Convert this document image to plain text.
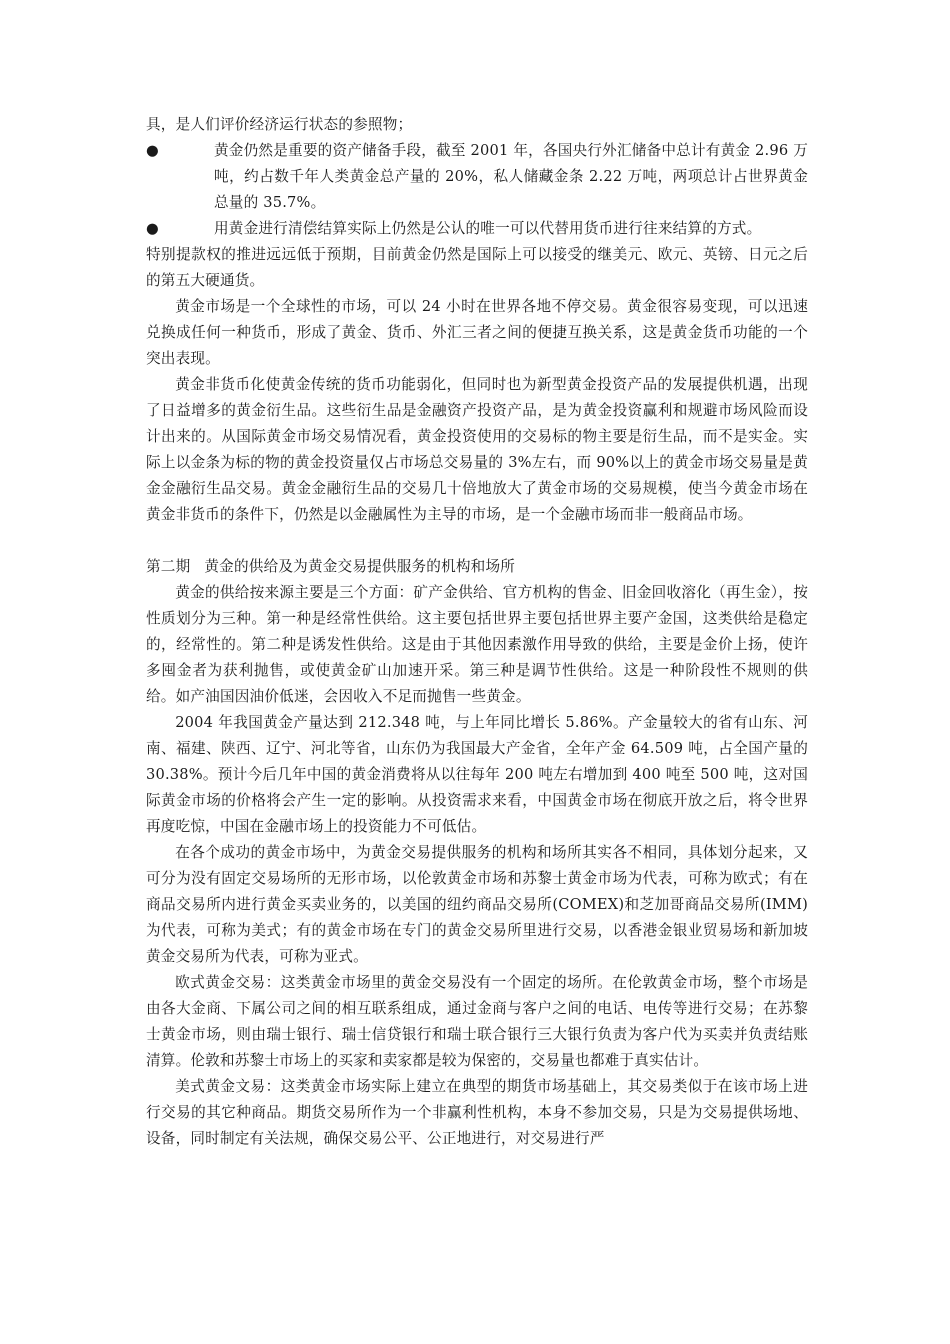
具，是人们评价经济运行状态的参照物；

●	黄金仍然是重要的资产储备手段，截至 2001 年，各国央行外汇储备中总计有黄金 2.96 万吨，约占数千年人类黄金总产量的 20%，私人储藏金条 2.22 万吨，两项总计占世界黄金总量的 35.7%。
●	用黄金进行清偿结算实际上仍然是公认的唯一可以代替用货币进行往来结算的方式。

特别提款权的推进远远低于预期，目前黄金仍然是国际上可以接受的继美元、欧元、英镑、日元之后的第五大硬通货。

黄金市场是一个全球性的市场，可以 24 小时在世界各地不停交易。黄金很容易变现，可以迅速兑换成任何一种货币，形成了黄金、货币、外汇三者之间的便捷互换关系，这是黄金货币功能的一个突出表现。

黄金非货币化使黄金传统的货币功能弱化，但同时也为新型黄金投资产品的发展提供机遇，出现了日益增多的黄金衍生品。这些衍生品是金融资产投资产品，是为黄金投资赢利和规避市场风险而设计出来的。从国际黄金市场交易情况看，黄金投资使用的交易标的物主要是衍生品，而不是实金。实际上以金条为标的物的黄金投资量仅占市场总交易量的 3%左右，而 90%以上的黄金市场交易量是黄金金融衍生品交易。黄金金融衍生品的交易几十倍地放大了黄金市场的交易规模，使当今黄金市场在黄金非货币的条件下，仍然是以金融属性为主导的市场，是一个金融市场而非一般商品市场。

第二期 黄金的供给及为黄金交易提供服务的机构和场所

黄金的供给按来源主要是三个方面：矿产金供给、官方机构的售金、旧金回收溶化（再生金），按性质划分为三种。第一种是经常性供给。这主要包括世界主要包括世界主要产金国，这类供给是稳定的，经常性的。第二种是诱发性供给。这是由于其他因素激作用导致的供给，主要是金价上扬，使许多囤金者为获利抛售，或使黄金矿山加速开采。第三种是调节性供给。这是一种阶段性不规则的供给。如产油国因油价低迷，会因收入不足而抛售一些黄金。

2004 年我国黄金产量达到 212.348 吨，与上年同比增长 5.86%。产金量较大的省有山东、河南、福建、陕西、辽宁、河北等省，山东仍为我国最大产金省，全年产金 64.509 吨，占全国产量的 30.38%。预计今后几年中国的黄金消费将从以往每年 200 吨左右增加到 400 吨至 500 吨，这对国际黄金市场的价格将会产生一定的影响。从投资需求来看，中国黄金市场在彻底开放之后，将令世界再度吃惊，中国在金融市场上的投资能力不可低估。

在各个成功的黄金市场中，为黄金交易提供服务的机构和场所其实各不相同，具体划分起来，又可分为没有固定交易场所的无形市场，以伦敦黄金市场和苏黎士黄金市场为代表，可称为欧式；有在商品交易所内进行黄金买卖业务的，以美国的纽约商品交易所(COMEX)和芝加哥商品交易所(IMM)为代表，可称为美式；有的黄金市场在专门的黄金交易所里进行交易，以香港金银业贸易场和新加坡黄金交易所为代表，可称为亚式。

欧式黄金交易：这类黄金市场里的黄金交易没有一个固定的场所。在伦敦黄金市场，整个市场是由各大金商、下属公司之间的相互联系组成，通过金商与客户之间的电话、电传等进行交易；在苏黎士黄金市场，则由瑞士银行、瑞士信贷银行和瑞士联合银行三大银行负责为客户代为买卖并负责结账清算。伦敦和苏黎士市场上的买家和卖家都是较为保密的，交易量也都难于真实估计。

美式黄金文易：这类黄金市场实际上建立在典型的期货市场基础上，其交易类似于在该市场上进行交易的其它种商品。期货交易所作为一个非赢利性机构，本身不参加交易，只是为交易提供场地、设备，同时制定有关法规，确保交易公平、公正地进行，对交易进行严
